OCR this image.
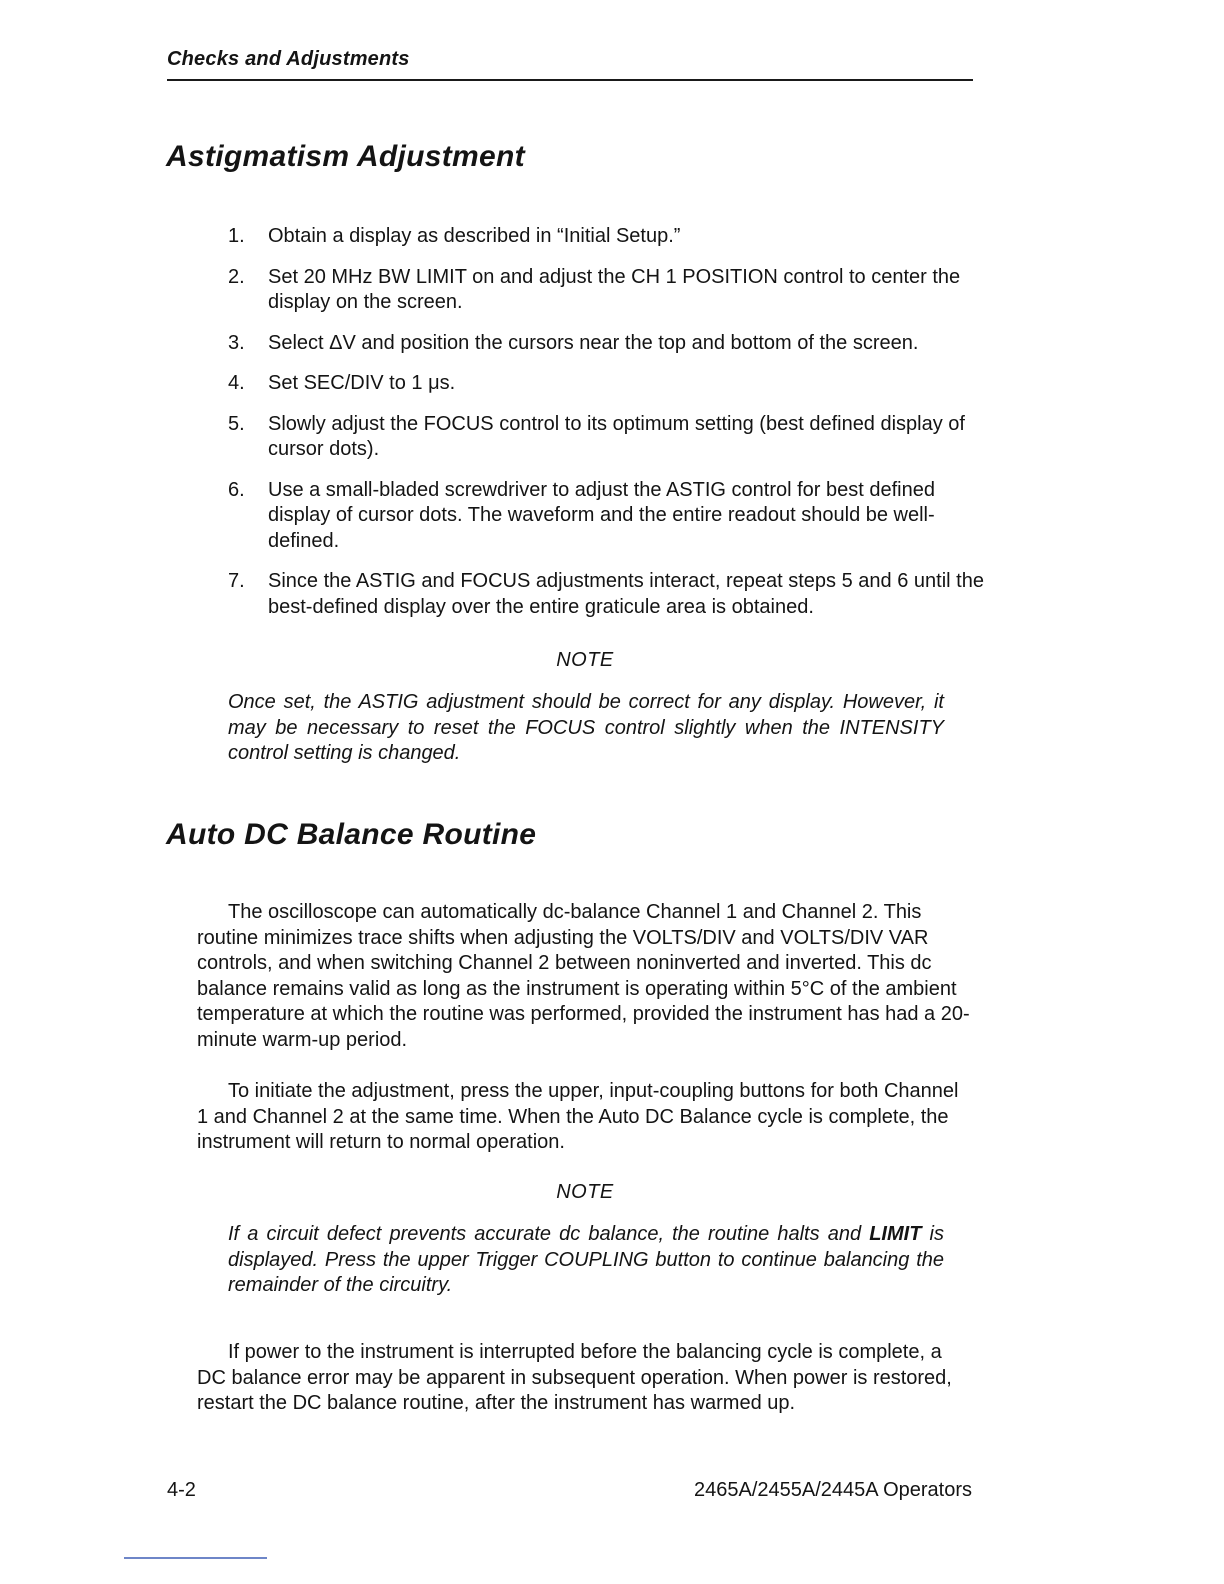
Checks and Adjustments
Astigmatism Adjustment
1.	Obtain a display as described in “Initial Setup.”
2.	Set 20 MHz BW LIMIT on and adjust the CH 1 POSITION control to center the display on the screen.
3.	Select ΔV and position the cursors near the top and bottom of the screen.
4.	Set SEC/DIV to 1 μs.
5.	Slowly adjust the FOCUS control to its optimum setting (best defined display of cursor dots).
6.	Use a small-bladed screwdriver to adjust the ASTIG control for best defined display of cursor dots. The waveform and the entire readout should be well-defined.
7.	Since the ASTIG and FOCUS adjustments interact, repeat steps 5 and 6 until the best-defined display over the entire graticule area is obtained.
NOTE
Once set, the ASTIG adjustment should be correct for any display. However, it may be necessary to reset the FOCUS control slightly when the INTENSITY control setting is changed.
Auto DC Balance Routine

The oscilloscope can automatically dc-balance Channel 1 and Channel 2. This routine minimizes trace shifts when adjusting the VOLTS/DIV and VOLTS/DIV VAR controls, and when switching Channel 2 between noninverted and inverted. This dc balance remains valid as long as the instrument is operating within 5°C of the ambient temperature at which the routine was performed, provided the instrument has had a 20-minute warm-up period.

To initiate the adjustment, press the upper, input-coupling buttons for both Channel 1 and Channel 2 at the same time. When the Auto DC Balance cycle is complete, the instrument will return to normal operation.

NOTE
If a circuit defect prevents accurate dc balance, the routine halts and LIMIT is displayed. Press the upper Trigger COUPLING button to continue balancing the remainder of the circuitry.

If power to the instrument is interrupted before the balancing cycle is complete, a DC balance error may be apparent in subsequent operation. When power is restored, restart the DC balance routine, after the instrument has warmed up.

4-2	2465A/2455A/2445A Operators
